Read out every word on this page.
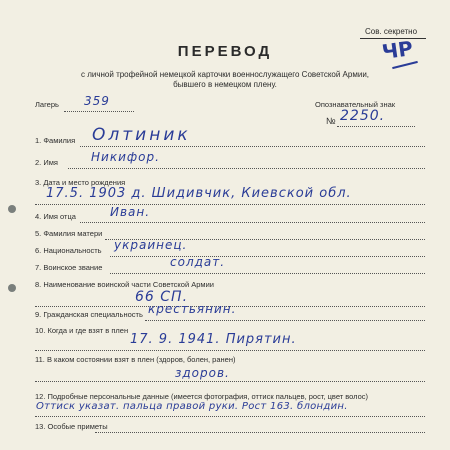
Сов. секретно
ЧР
ПЕРЕВОД
с личной трофейной немецкой карточки военнослужащего Советской Армии,
бывшего в немецком плену.
Лагерь 359	Опознавательный знак
№ 2250.
1. Фамилия Олтиник
2. Имя	Никифор.
3. Дата и место рождения
17.5. 1903 д. Шидивчик, Киевской обл.
4. Имя отца	Иван.
5. Фамилия матери
6. Национальность украинец.
7. Воинское звание	солдат.
8. Наименование воинской части Советской Армии
66 СП.
9. Гражданская специальность крестьянин.
10. Когда и где взят в плен
17. 9. 1941. Пирятин.
11. В каком состоянии взят в плен (здоров, болен, ранен)
здоров.
12. Подробные персональные данные (имеется фотография, оттиск пальцев, рост, цвет волос)
Оттиск указат. пальца правой руки. Рост 163. блондин.
13. Особые приметы
